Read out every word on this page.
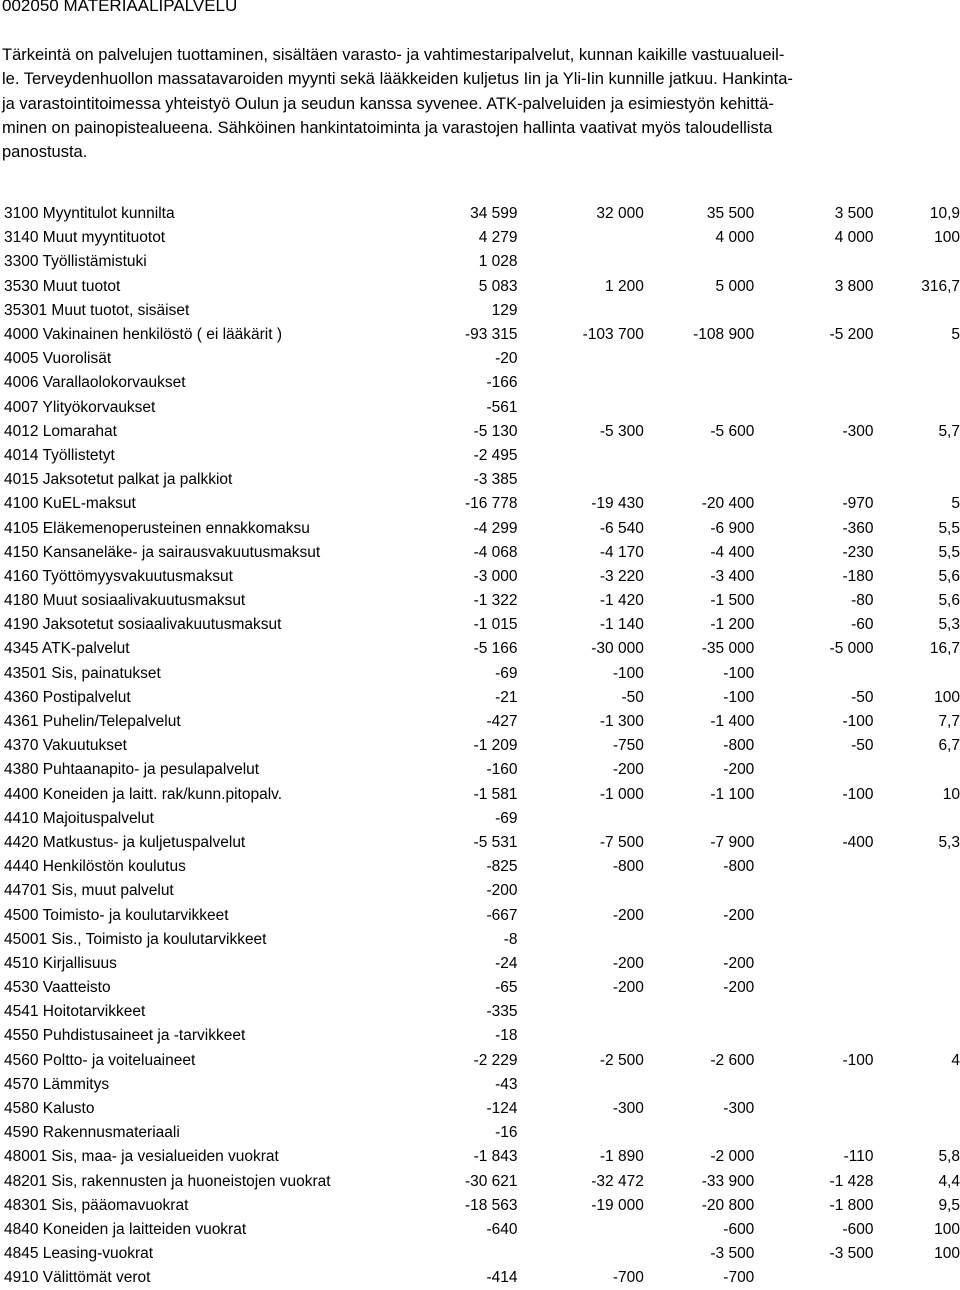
002050 MATERIAALIPALVELU

Tärkeintä on palvelujen tuottaminen, sisältäen varasto- ja vahtimestaripalvelut, kunnan kaikille vastuualueil-
le. Terveydenhuollon massatavaroiden myynti sekä lääkkeiden kuljetus Iin ja Yli-Iin kunnille jatkuu. Hankinta-
ja varastointitoimessa yhteistyö Oulun ja seudun kanssa syvenee. ATK-palveluiden ja esimiestyön kehittä-
minen on painopistealueena. Sähköinen hankintatoiminta ja varastojen hallinta vaativat myös taloudellista
panostusta.

3100 Myyntitulot kunnilta	34 599	32 000	35 500	3 500	10,9
3140 Muut myyntituotot	4 279		4 000	4 000	100
3300 Työllistämistuki	1 028				
3530 Muut tuotot	5 083	1 200	5 000	3 800	316,7
35301 Muut tuotot, sisäiset	129				
4000 Vakinainen henkilöstö ( ei lääkärit )	-93 315	-103 700	-108 900	-5 200	5
4005 Vuorolisät	-20				
4006 Varallaolokorvaukset	-166				
4007 Ylityökorvaukset	-561				
4012 Lomarahat	-5 130	-5 300	-5 600	-300	5,7
4014 Työllistetyt	-2 495				
4015 Jaksotetut palkat ja palkkiot	-3 385				
4100 KuEL-maksut	-16 778	-19 430	-20 400	-970	5
4105 Eläkemenoperusteinen ennakkomaksu	-4 299	-6 540	-6 900	-360	5,5
4150 Kansaneläke- ja sairausvakuutusmaksut	-4 068	-4 170	-4 400	-230	5,5
4160 Työttömyysvakuutusmaksut	-3 000	-3 220	-3 400	-180	5,6
4180 Muut sosiaalivakuutusmaksut	-1 322	-1 420	-1 500	-80	5,6
4190 Jaksotetut sosiaalivakuutusmaksut	-1 015	-1 140	-1 200	-60	5,3
4345 ATK-palvelut	-5 166	-30 000	-35 000	-5 000	16,7
43501 Sis, painatukset	-69	-100	-100		
4360 Postipalvelut	-21	-50	-100	-50	100
4361 Puhelin/Telepalvelut	-427	-1 300	-1 400	-100	7,7
4370 Vakuutukset	-1 209	-750	-800	-50	6,7
4380 Puhtaanapito- ja pesulapalvelut	-160	-200	-200		
4400 Koneiden ja laitt. rak/kunn.pitopalv.	-1 581	-1 000	-1 100	-100	10
4410 Majoituspalvelut	-69				
4420 Matkustus- ja kuljetuspalvelut	-5 531	-7 500	-7 900	-400	5,3
4440 Henkilöstön koulutus	-825	-800	-800		
44701 Sis, muut palvelut	-200				
4500 Toimisto- ja koulutarvikkeet	-667	-200	-200		
45001 Sis., Toimisto ja koulutarvikkeet	-8				
4510 Kirjallisuus	-24	-200	-200		
4530 Vaatteisto	-65	-200	-200		
4541 Hoitotarvikkeet	-335				
4550 Puhdistusaineet ja -tarvikkeet	-18				
4560 Poltto- ja voiteluaineet	-2 229	-2 500	-2 600	-100	4
4570 Lämmitys	-43				
4580 Kalusto	-124	-300	-300		
4590 Rakennusmateriaali	-16				
48001 Sis, maa- ja vesialueiden vuokrat	-1 843	-1 890	-2 000	-110	5,8
48201 Sis, rakennusten ja huoneistojen vuokrat	-30 621	-32 472	-33 900	-1 428	4,4
48301 Sis, pääomavuokrat	-18 563	-19 000	-20 800	-1 800	9,5
4840 Koneiden ja laitteiden vuokrat	-640		-600	-600	100
4845 Leasing-vuokrat			-3 500	-3 500	100
4910 Välittömät verot	-414	-700	-700		
